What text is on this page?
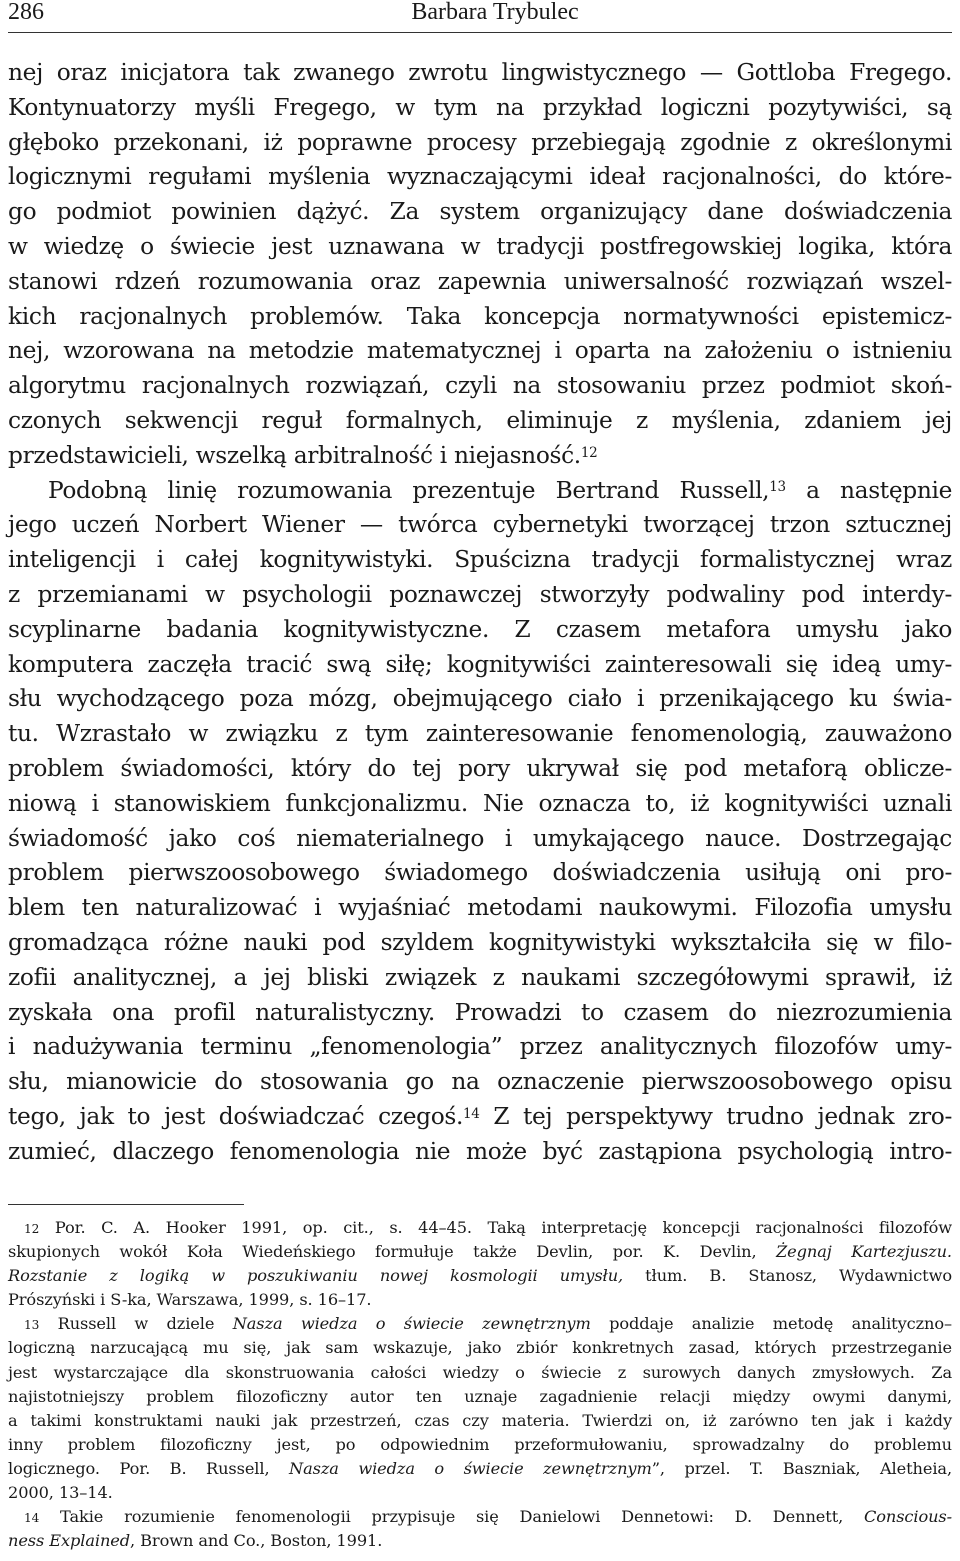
286	Barbara Trybulec
nej oraz inicjatora tak zwanego zwrotu lingwistycznego — Gottloba Fregego.
Kontynuatorzy myśli Fregego, w tym na przykład logiczni pozytywiści, są
głęboko przekonani, iż poprawne procesy przebiegają zgodnie z określonymi
logicznymi regułami myślenia wyznaczającymi ideał racjonalności, do które-
go podmiot powinien dążyć. Za system organizujący dane doświadczenia
w wiedzę o świecie jest uznawana w tradycji postfregowskiej logika, która
stanowi rdzeń rozumowania oraz zapewnia uniwersalność rozwiązań wszel-
kich racjonalnych problemów. Taka koncepcja normatywności epistemicz-
nej, wzorowana na metodzie matematycznej i oparta na założeniu o istnieniu
algorytmu racjonalnych rozwiązań, czyli na stosowaniu przez podmiot skoń-
czonych sekwencji reguł formalnych, eliminuje z myślenia, zdaniem jej
przedstawicieli, wszelką arbitralność i niejasność.$^{12}$
Podobną linię rozumowania prezentuje Bertrand Russell,$^{13}$ a następnie
jego uczeń Norbert Wiener — twórca cybernetyki tworzącej trzon sztucznej
inteligencji i całej kognitywistyki. Spuścizna tradycji formalistycznej wraz
z przemianami w psychologii poznawczej stworzyły podwaliny pod interdy-
scyplinarne badania kognitywistyczne. Z czasem metafora umysłu jako
komputera zaczęła tracić swą siłę; kognitywiści zainteresowali się ideą umy-
słu wychodzącego poza mózg, obejmującego ciało i przenikającego ku świa-
tu. Wzrastało w związku z tym zainteresowanie fenomenologią, zauważono
problem świadomości, który do tej pory ukrywał się pod metaforą oblicze-
niową i stanowiskiem funkcjonalizmu. Nie oznacza to, iż kognitywiści uznali
świadomość jako coś niematerialnego i umykającego nauce. Dostrzegając
problem pierwszoosobowego świadomego doświadczenia usiłują oni pro-
blem ten naturalizować i wyjaśniać metodami naukowymi. Filozofia umysłu
gromadząca różne nauki pod szyldem kognitywistyki wykształciła się w filo-
zofii analitycznej, a jej bliski związek z naukami szczegółowymi sprawił, iż
zyskała ona profil naturalistyczny. Prowadzi to czasem do niezrozumienia
i nadużywania terminu „fenomenologia” przez analitycznych filozofów umy-
słu, mianowicie do stosowania go na oznaczenie pierwszoosobowego opisu
tego, jak to jest doświadczać czegoś.$^{14}$ Z tej perspektywy trudno jednak zro-
zumieć, dlaczego fenomenologia nie może być zastąpiona psychologią intro-
12 Por. C. A. Hooker 1991, op. cit., s. 44–45. Taką interpretację koncepcji racjonalności filozofów
skupionych wokół Koła Wiedeńskiego formułuje także Devlin, por. K. Devlin, Żegnaj Kartezjuszu.
Rozstanie z logiką w poszukiwaniu nowej kosmologii umysłu, tłum. B. Stanosz, Wydawnictwo
Prószyński i S-ka, Warszawa, 1999, s. 16–17.
13 Russell w dziele Nasza wiedza o świecie zewnętrznym poddaje analizie metodę analityczno–
logiczną narzucającą mu się, jak sam wskazuje, jako zbiór konkretnych zasad, których przestrzeganie
jest wystarczające dla skonstruowania całości wiedzy o świecie z surowych danych zmysłowych. Za
najistotniejszy problem filozoficzny autor ten uznaje zagadnienie relacji między owymi danymi,
a takimi konstruktami nauki jak przestrzeń, czas czy materia. Twierdzi on, iż zarówno ten jak i każdy
inny problem filozoficzny jest, po odpowiednim przeformułowaniu, sprowadzalny do problemu
logicznego. Por. B. Russell, Nasza wiedza o świecie zewnętrznym”, przel. T. Baszniak, Aletheia,
2000, 13–14.
14 Takie rozumienie fenomenologii przypisuje się Danielowi Dennetowi: D. Dennett, Conscious-
ness Explained, Brown and Co., Boston, 1991.
